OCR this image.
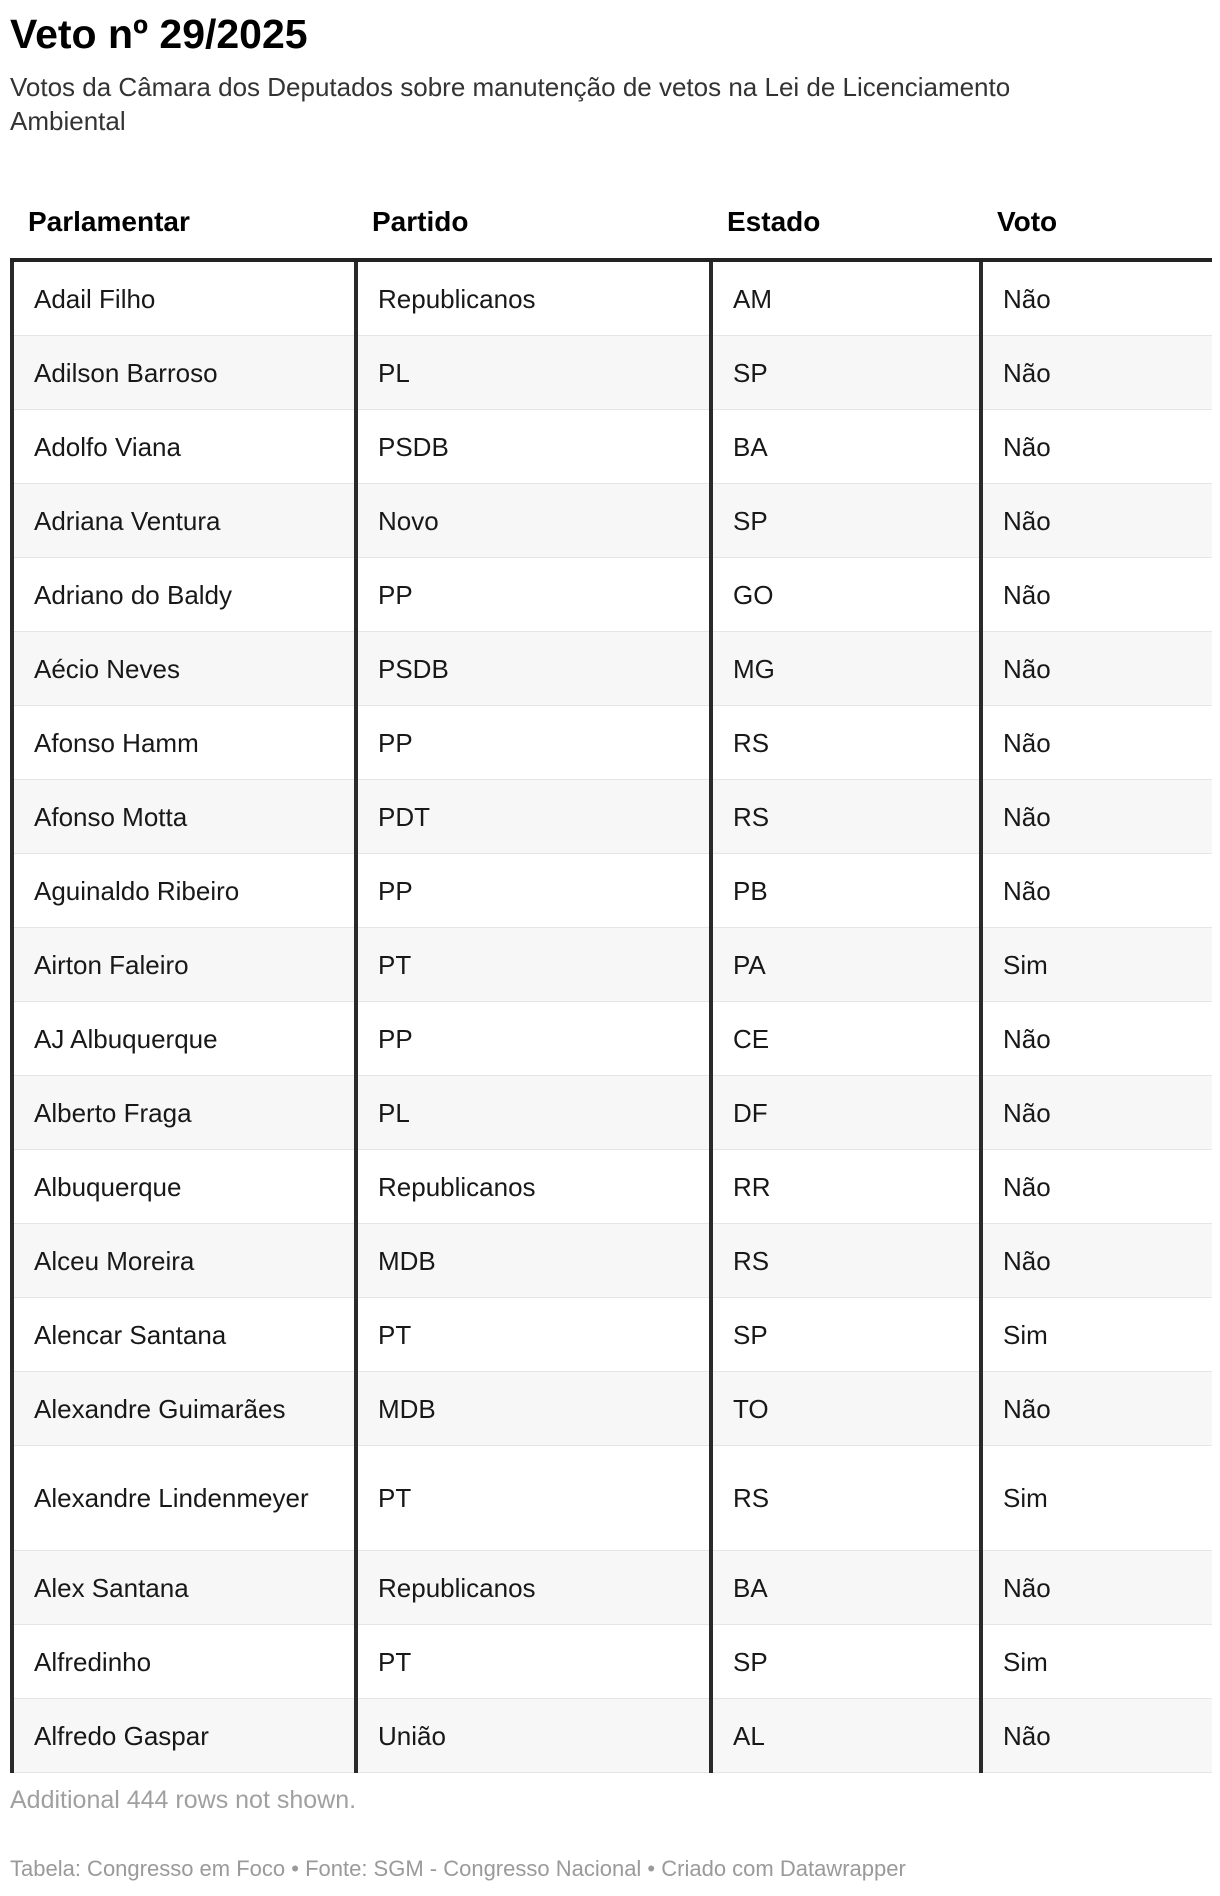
Veto nº 29/2025

Votos da Câmara dos Deputados sobre manutenção de vetos na Lei de Licenciamento Ambiental

Parlamentar	Partido	Estado	Voto
Adail Filho	Republicanos	AM	Não
Adilson Barroso	PL	SP	Não
Adolfo Viana	PSDB	BA	Não
Adriana Ventura	Novo	SP	Não
Adriano do Baldy	PP	GO	Não
Aécio Neves	PSDB	MG	Não
Afonso Hamm	PP	RS	Não
Afonso Motta	PDT	RS	Não
Aguinaldo Ribeiro	PP	PB	Não
Airton Faleiro	PT	PA	Sim
AJ Albuquerque	PP	CE	Não
Alberto Fraga	PL	DF	Não
Albuquerque	Republicanos	RR	Não
Alceu Moreira	MDB	RS	Não
Alencar Santana	PT	SP	Sim
Alexandre Guimarães	MDB	TO	Não
Alexandre Lindenmeyer	PT	RS	Sim
Alex Santana	Republicanos	BA	Não
Alfredinho	PT	SP	Sim
Alfredo Gaspar	União	AL	Não
Additional 444 rows not shown.
Tabela: Congresso em Foco • Fonte: SGM - Congresso Nacional • Criado com Datawrapper
